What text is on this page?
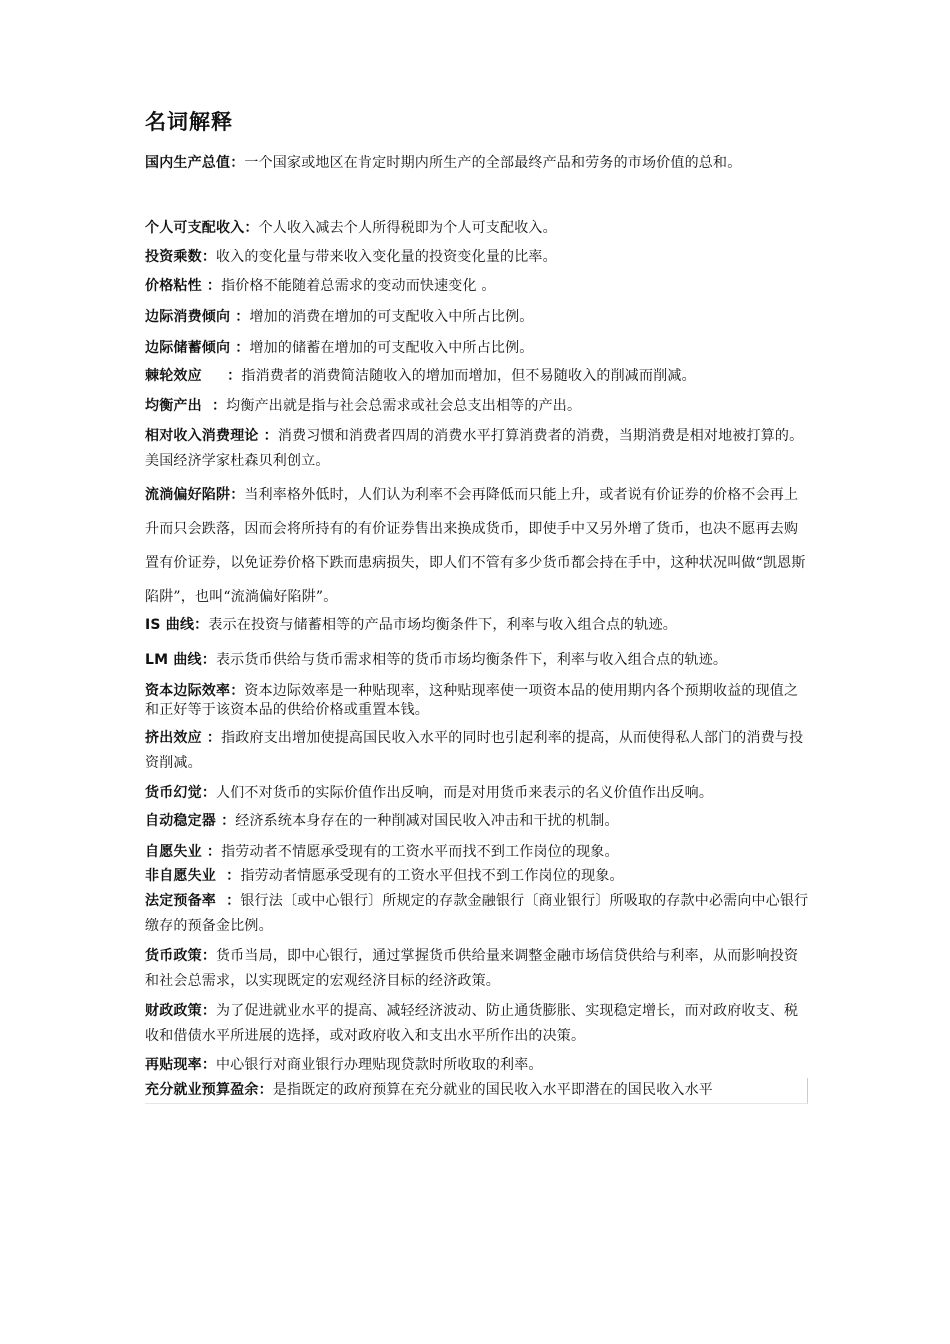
名词解释
国内生产总值：一个国家或地区在肯定时期内所生产的全部最终产品和劳务的市场价值的总和。
个人可支配收入：个人收入减去个人所得税即为个人可支配收入。
投资乘数：收入的变化量与带来收入变化量的投资变化量的比率。
价格粘性 ：指价格不能随着总需求的变动而快速变化 。
边际消费倾向 ：增加的消费在增加的可支配收入中所占比例。
边际储蓄倾向 ：增加的储蓄在增加的可支配收入中所占比例。
棘轮效应     ：指消费者的消费简洁随收入的增加而增加，但不易随收入的削减而削减。
均衡产出  ：均衡产出就是指与社会总需求或社会总支出相等的产出。
相对收入消费理论 ：消费习惯和消费者四周的消费水平打算消费者的消费，当期消费是相对地被打算的。美国经济学家杜森贝利创立。
流淌偏好陷阱：当利率格外低时，人们认为利率不会再降低而只能上升，或者说有价证券的价格不会再上升而只会跌落，因而会将所持有的有价证券售出来换成货币，即使手中又另外增了货币，也决不愿再去购置有价证券，以免证券价格下跌而患病损失，即人们不管有多少货币都会持在手中，这种状况叫做“凯恩斯陷阱”，也叫“流淌偏好陷阱”。
IS 曲线：表示在投资与储蓄相等的产品市场均衡条件下，利率与收入组合点的轨迹。
LM 曲线：表示货币供给与货币需求相等的货币市场均衡条件下，利率与收入组合点的轨迹。
资本边际效率：资本边际效率是一种贴现率，这种贴现率使一项资本品的使用期内各个预期收益的现值之和正好等于该资本品的供给价格或重置本钱。
挤出效应 ：指政府支出增加使提高国民收入水平的同时也引起利率的提高，从而使得私人部门的消费与投资削减。
货币幻觉：人们不对货币的实际价值作出反响，而是对用货币来表示的名义价值作出反响。
自动稳定器 ：经济系统本身存在的一种削减对国民收入冲击和干扰的机制。
自愿失业 ：指劳动者不情愿承受现有的工资水平而找不到工作岗位的现象。
非自愿失业  ：指劳动者情愿承受现有的工资水平但找不到工作岗位的现象。
法定预备率  ：银行法〔或中心银行〕所规定的存款金融银行〔商业银行〕所吸取的存款中必需向中心银行缴存的预备金比例。
货币政策：货币当局，即中心银行，通过掌握货币供给量来调整金融市场信贷供给与利率，从而影响投资和社会总需求，以实现既定的宏观经济目标的经济政策。
财政政策：为了促进就业水平的提高、减轻经济波动、防止通货膨胀、实现稳定增长，而对政府收支、税收和借债水平所进展的选择，或对政府收入和支出水平所作出的决策。
再贴现率：中心银行对商业银行办理贴现贷款时所收取的利率。
充分就业预算盈余：是指既定的政府预算在充分就业的国民收入水平即潜在的国民收入水平
